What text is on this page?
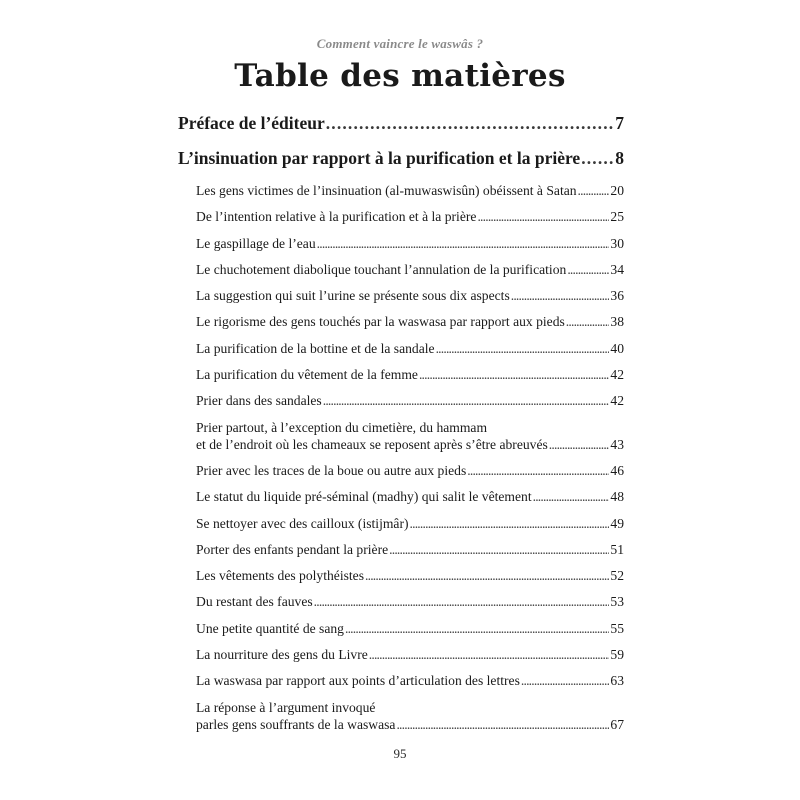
Comment vaincre le waswâs ?
Table des matières
Préface de l’éditeur . . .	7
L’insinuation par rapport à la purification et la prière . . . 8
Les gens victimes de l’insinuation (al-muwaswisûn) obéissent à Satan . . . 20
De l’intention relative à la purification et à la prière . . .	25
Le gaspillage de l’eau . . .	30
Le chuchotement diabolique touchant l’annulation de la purification . . .	34
La suggestion qui suit l’urine se présente sous dix aspects . . .	36
Le rigorisme des gens touchés par la waswasa par rapport aux pieds . . .	38
La purification de la bottine et de la sandale . . .	40
La purification du vêtement de la femme . . .	42
Prier dans des sandales . . .	42
Prier partout, à l’exception du cimetière, du hammam
et de l’endroit où les chameaux se reposent après s’être abreuvés . . .	43
Prier avec les traces de la boue ou autre aux pieds . . .	46
Le statut du liquide pré-séminal (madhy) qui salit le vêtement . . .	48
Se nettoyer avec des cailloux (istijmâr) . . .	49
Porter des enfants pendant la prière . . .	51
Les vêtements des polythéistes . . .	52
Du restant des fauves . . .	53
Une petite quantité de sang . . .	55
La nourriture des gens du Livre . . .	59
La waswasa par rapport aux points d’articulation des lettres . . .	63
La réponse à l’argument invoqué
parles gens souffrants de la waswasa . . .	67
95
